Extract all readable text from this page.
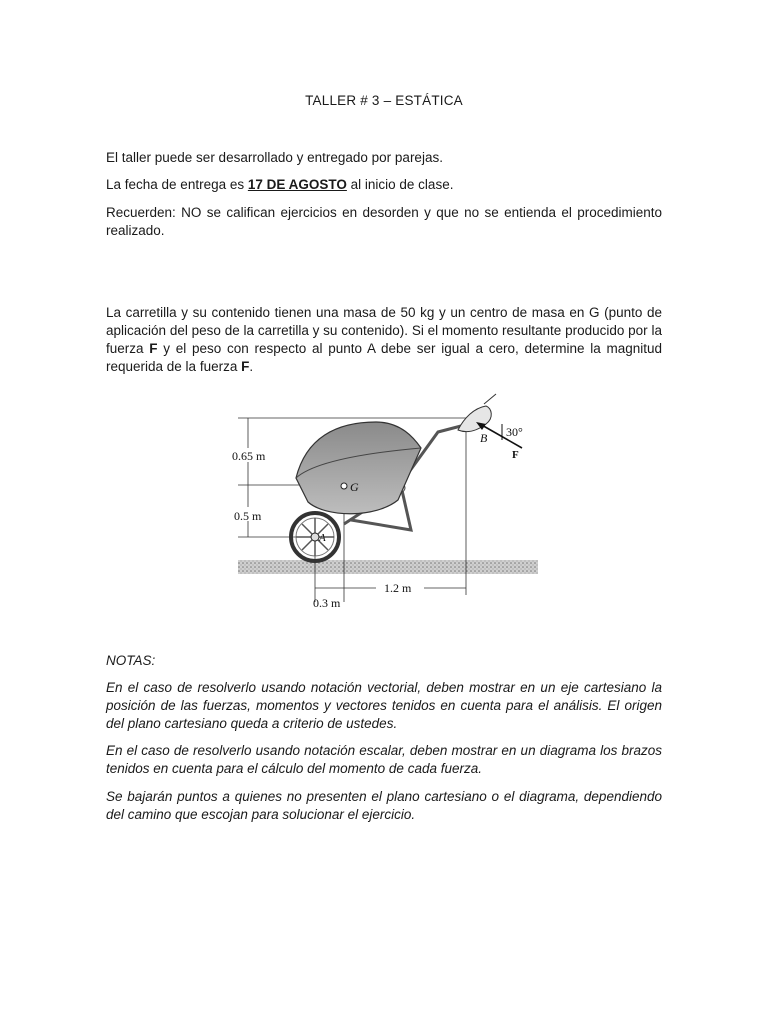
TALLER # 3 – ESTÁTICA
El taller puede ser desarrollado y entregado por parejas.
La fecha de entrega es 17 DE AGOSTO al inicio de clase.
Recuerden: NO se califican ejercicios en desorden y que no se entienda el procedimiento realizado.
La carretilla y su contenido tienen una masa de 50 kg y un centro de masa en G (punto de aplicación del peso de la carretilla y su contenido). Si el momento resultante producido por la fuerza F y el peso con respecto al punto A debe ser igual a cero, determine la magnitud requerida de la fuerza F.
0.65 m
0.5 m
1.2 m
0.3 m
G
A
B 30°
F
NOTAS:
En el caso de resolverlo usando notación vectorial, deben mostrar en un eje cartesiano la posición de las fuerzas, momentos y vectores tenidos en cuenta para el análisis. El origen del plano cartesiano queda a criterio de ustedes.
En el caso de resolverlo usando notación escalar, deben mostrar en un diagrama los brazos tenidos en cuenta para el cálculo del momento de cada fuerza.
Se bajarán puntos a quienes no presenten el plano cartesiano o el diagrama, dependiendo del camino que escojan para solucionar el ejercicio.
